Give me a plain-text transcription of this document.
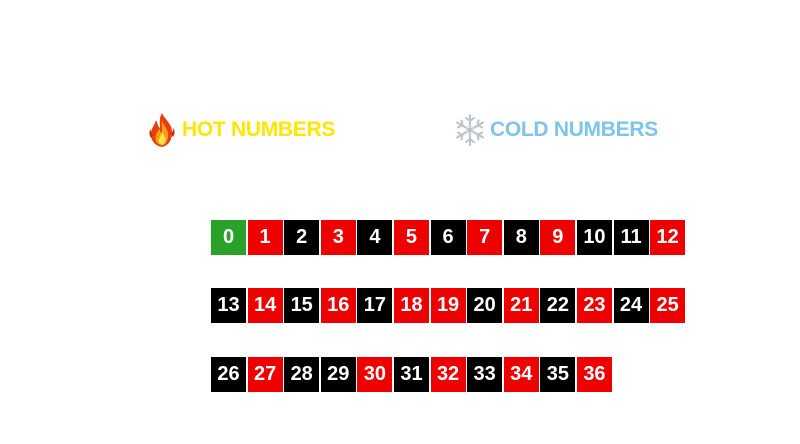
HOT NUMBERS	COLD NUMBERS
0	1	2	3	4	5	6	7	8	9 10 11 12
13 14 15 16 17 18 19 20 21 22 23 24 25
26 27 28 29 30 31 32 33 34 35 36
